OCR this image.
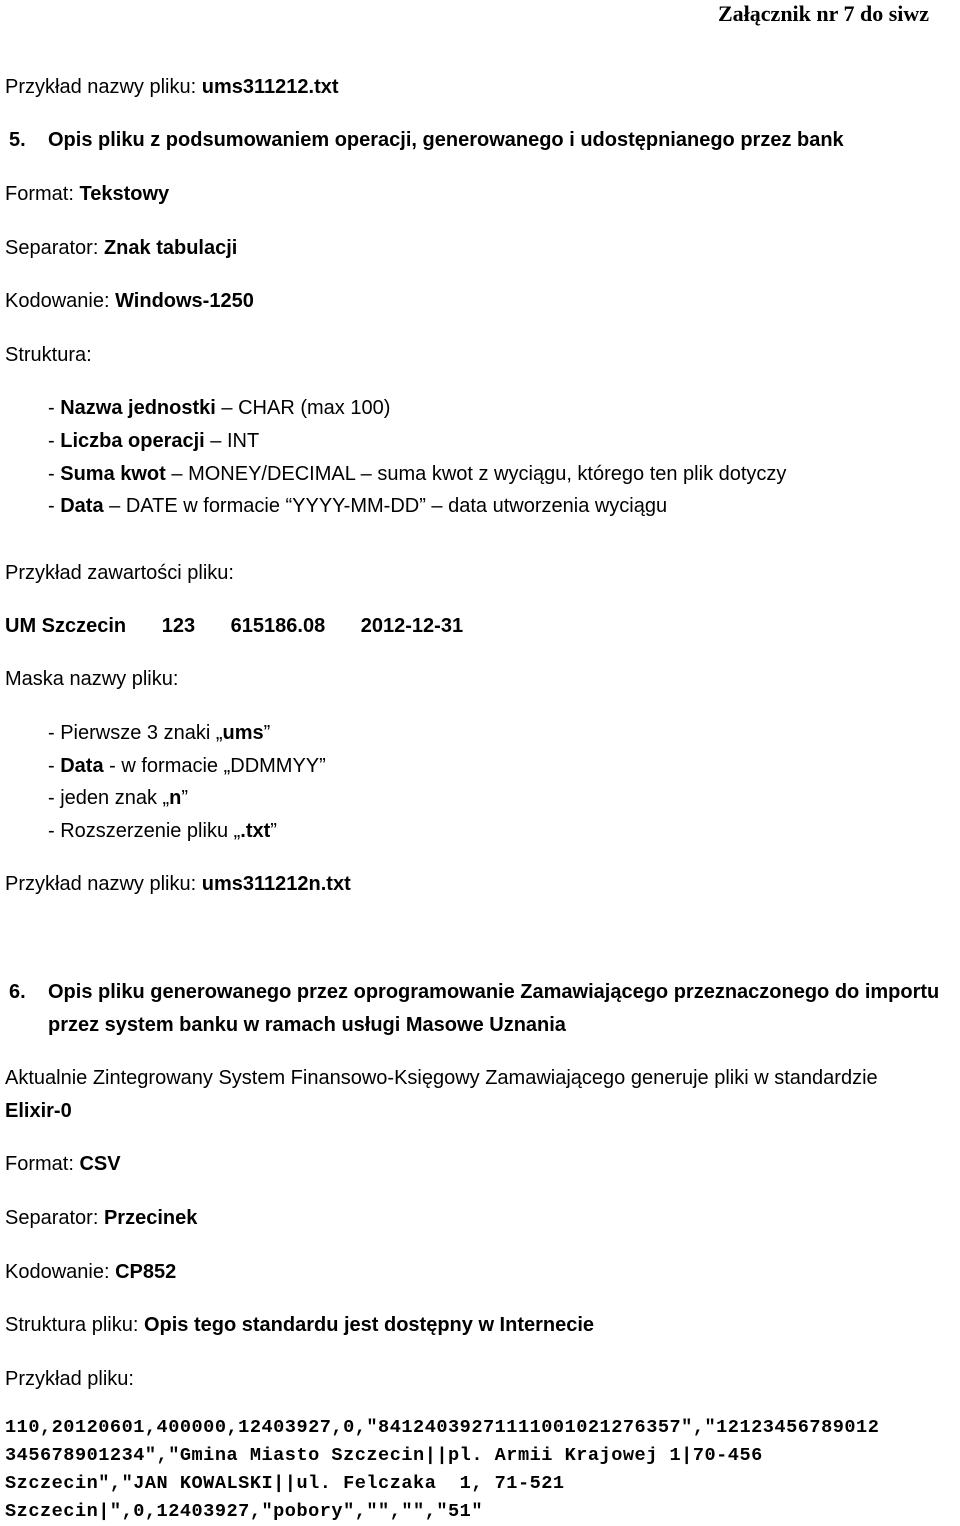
Załącznik nr 7 do siwz
Przykład nazwy pliku: ums311212.txt
5. Opis pliku z podsumowaniem operacji, generowanego i udostępnianego przez bank
Format: Tekstowy
Separator: Znak tabulacji
Kodowanie: Windows-1250
Struktura:
- Nazwa jednostki – CHAR (max 100)
- Liczba operacji – INT
- Suma kwot – MONEY/DECIMAL – suma kwot z wyciągu, którego ten plik dotyczy
- Data – DATE w formacie “YYYY-MM-DD” – data utworzenia wyciągu
Przykład zawartości pliku:
UM Szczecin 123 615186.08 2012-12-31
Maska nazwy pliku:
- Pierwsze 3 znaki „ums”
- Data - w formacie „DDMMYY”
- jeden znak „n”
- Rozszerzenie pliku „.txt”
Przykład nazwy pliku: ums311212n.txt
6. Opis pliku generowanego przez oprogramowanie Zamawiającego przeznaczonego do importu
przez system banku w ramach usługi Masowe Uznania
Aktualnie Zintegrowany System Finansowo-Księgowy Zamawiającego generuje pliki w standardzie
Elixir-0
Format: CSV
Separator: Przecinek
Kodowanie: CP852
Struktura pliku: Opis tego standardu jest dostępny w Internecie
Przykład pliku:
110,20120601,400000,12403927,0,"84124039271111001021276357","12123456789012
345678901234","Gmina Miasto Szczecin||pl. Armii Krajowej 1|70-456
Szczecin","JAN KOWALSKI||ul. Felczaka  1, 71-521
Szczecin|",0,12403927,"pobory","","","51"
